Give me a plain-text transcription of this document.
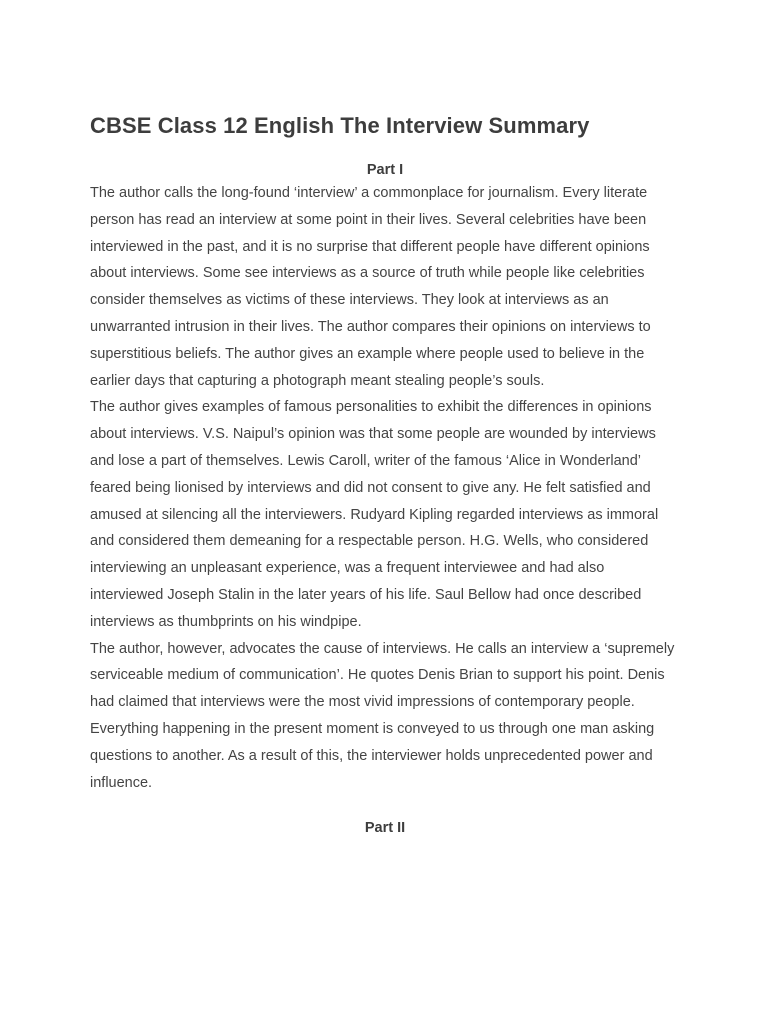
CBSE Class 12 English The Interview Summary
Part I

The author calls the long-found ‘interview’ a commonplace for journalism. Every literate person has read an interview at some point in their lives. Several celebrities have been interviewed in the past, and it is no surprise that different people have different opinions about interviews. Some see interviews as a source of truth while people like celebrities consider themselves as victims of these interviews. They look at interviews as an unwarranted intrusion in their lives. The author compares their opinions on interviews to superstitious beliefs. The author gives an example where people used to believe in the earlier days that capturing a photograph meant stealing people’s souls.

The author gives examples of famous personalities to exhibit the differences in opinions about interviews. V.S. Naipul’s opinion was that some people are wounded by interviews and lose a part of themselves. Lewis Caroll, writer of the famous ‘Alice in Wonderland’ feared being lionised by interviews and did not consent to give any. He felt satisfied and amused at silencing all the interviewers. Rudyard Kipling regarded interviews as immoral and considered them demeaning for a respectable person. H.G. Wells, who considered interviewing an unpleasant experience, was a frequent interviewee and had also interviewed Joseph Stalin in the later years of his life. Saul Bellow had once described interviews as thumbprints on his windpipe.

The author, however, advocates the cause of interviews. He calls an interview a ‘supremely serviceable medium of communication’. He quotes Denis Brian to support his point. Denis had claimed that interviews were the most vivid impressions of contemporary people. Everything happening in the present moment is conveyed to us through one man asking questions to another. As a result of this, the interviewer holds unprecedented power and influence.

Part II
